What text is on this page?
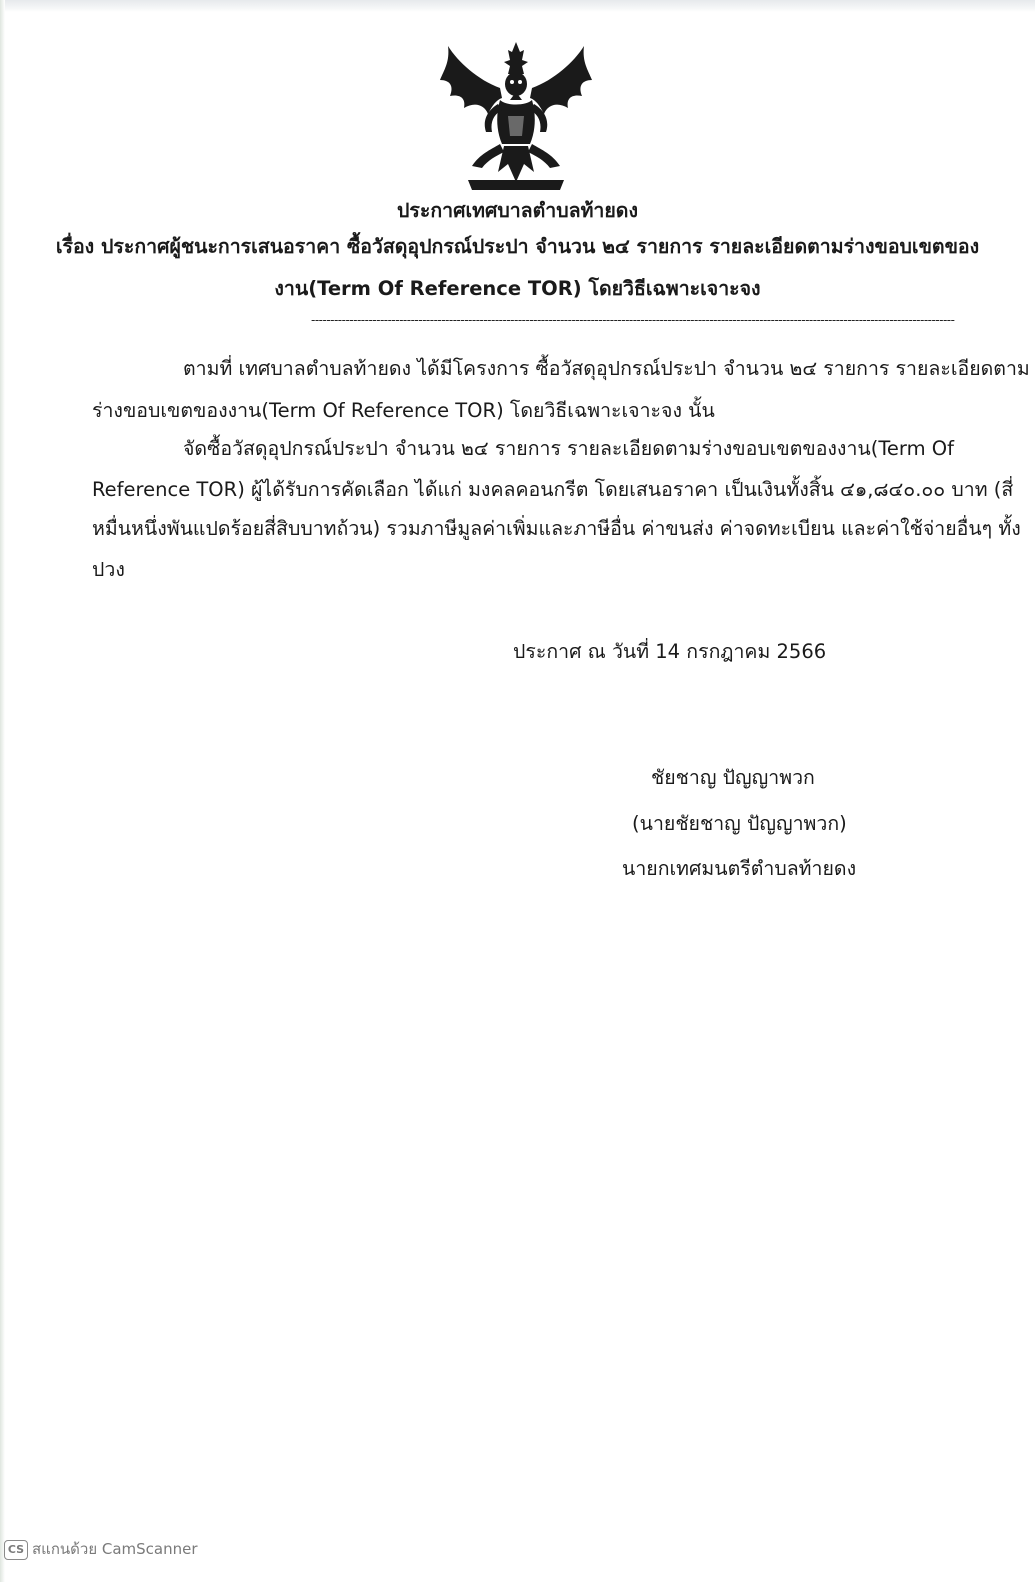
ประกาศเทศบาลตำบลท้ายดง
เรื่อง ประกาศผู้ชนะการเสนอราคา ซื้อวัสดุอุปกรณ์ประปา จำนวน ๒๔ รายการ รายละเอียดตามร่างขอบเขตของ
งาน(Term Of Reference TOR) โดยวิธีเฉพาะเจาะจง
------------------------------------------------------------------------------------------------------------------------------------------------------------------------
ตามที่ เทศบาลตำบลท้ายดง ได้มีโครงการ ซื้อวัสดุอุปกรณ์ประปา จำนวน ๒๔ รายการ รายละเอียดตาม
ร่างขอบเขตของงาน(Term Of Reference TOR) โดยวิธีเฉพาะเจาะจง นั้น
จัดซื้อวัสดุอุปกรณ์ประปา จำนวน ๒๔ รายการ รายละเอียดตามร่างขอบเขตของงาน(Term Of
Reference TOR) ผู้ได้รับการคัดเลือก ได้แก่ มงคลคอนกรีต โดยเสนอราคา เป็นเงินทั้งสิ้น ๔๑,๘๔๐.๐๐ บาท (สี่
หมื่นหนึ่งพันแปดร้อยสี่สิบบาทถ้วน) รวมภาษีมูลค่าเพิ่มและภาษีอื่น ค่าขนส่ง ค่าจดทะเบียน และค่าใช้จ่ายอื่นๆ ทั้ง
ปวง
ประกาศ ณ วันที่ 14 กรกฎาคม 2566
ชัยชาญ ปัญญาพวก
(นายชัยชาญ ปัญญาพวก)
นายกเทศมนตรีตำบลท้ายดง
CS สแกนด้วย CamScanner
